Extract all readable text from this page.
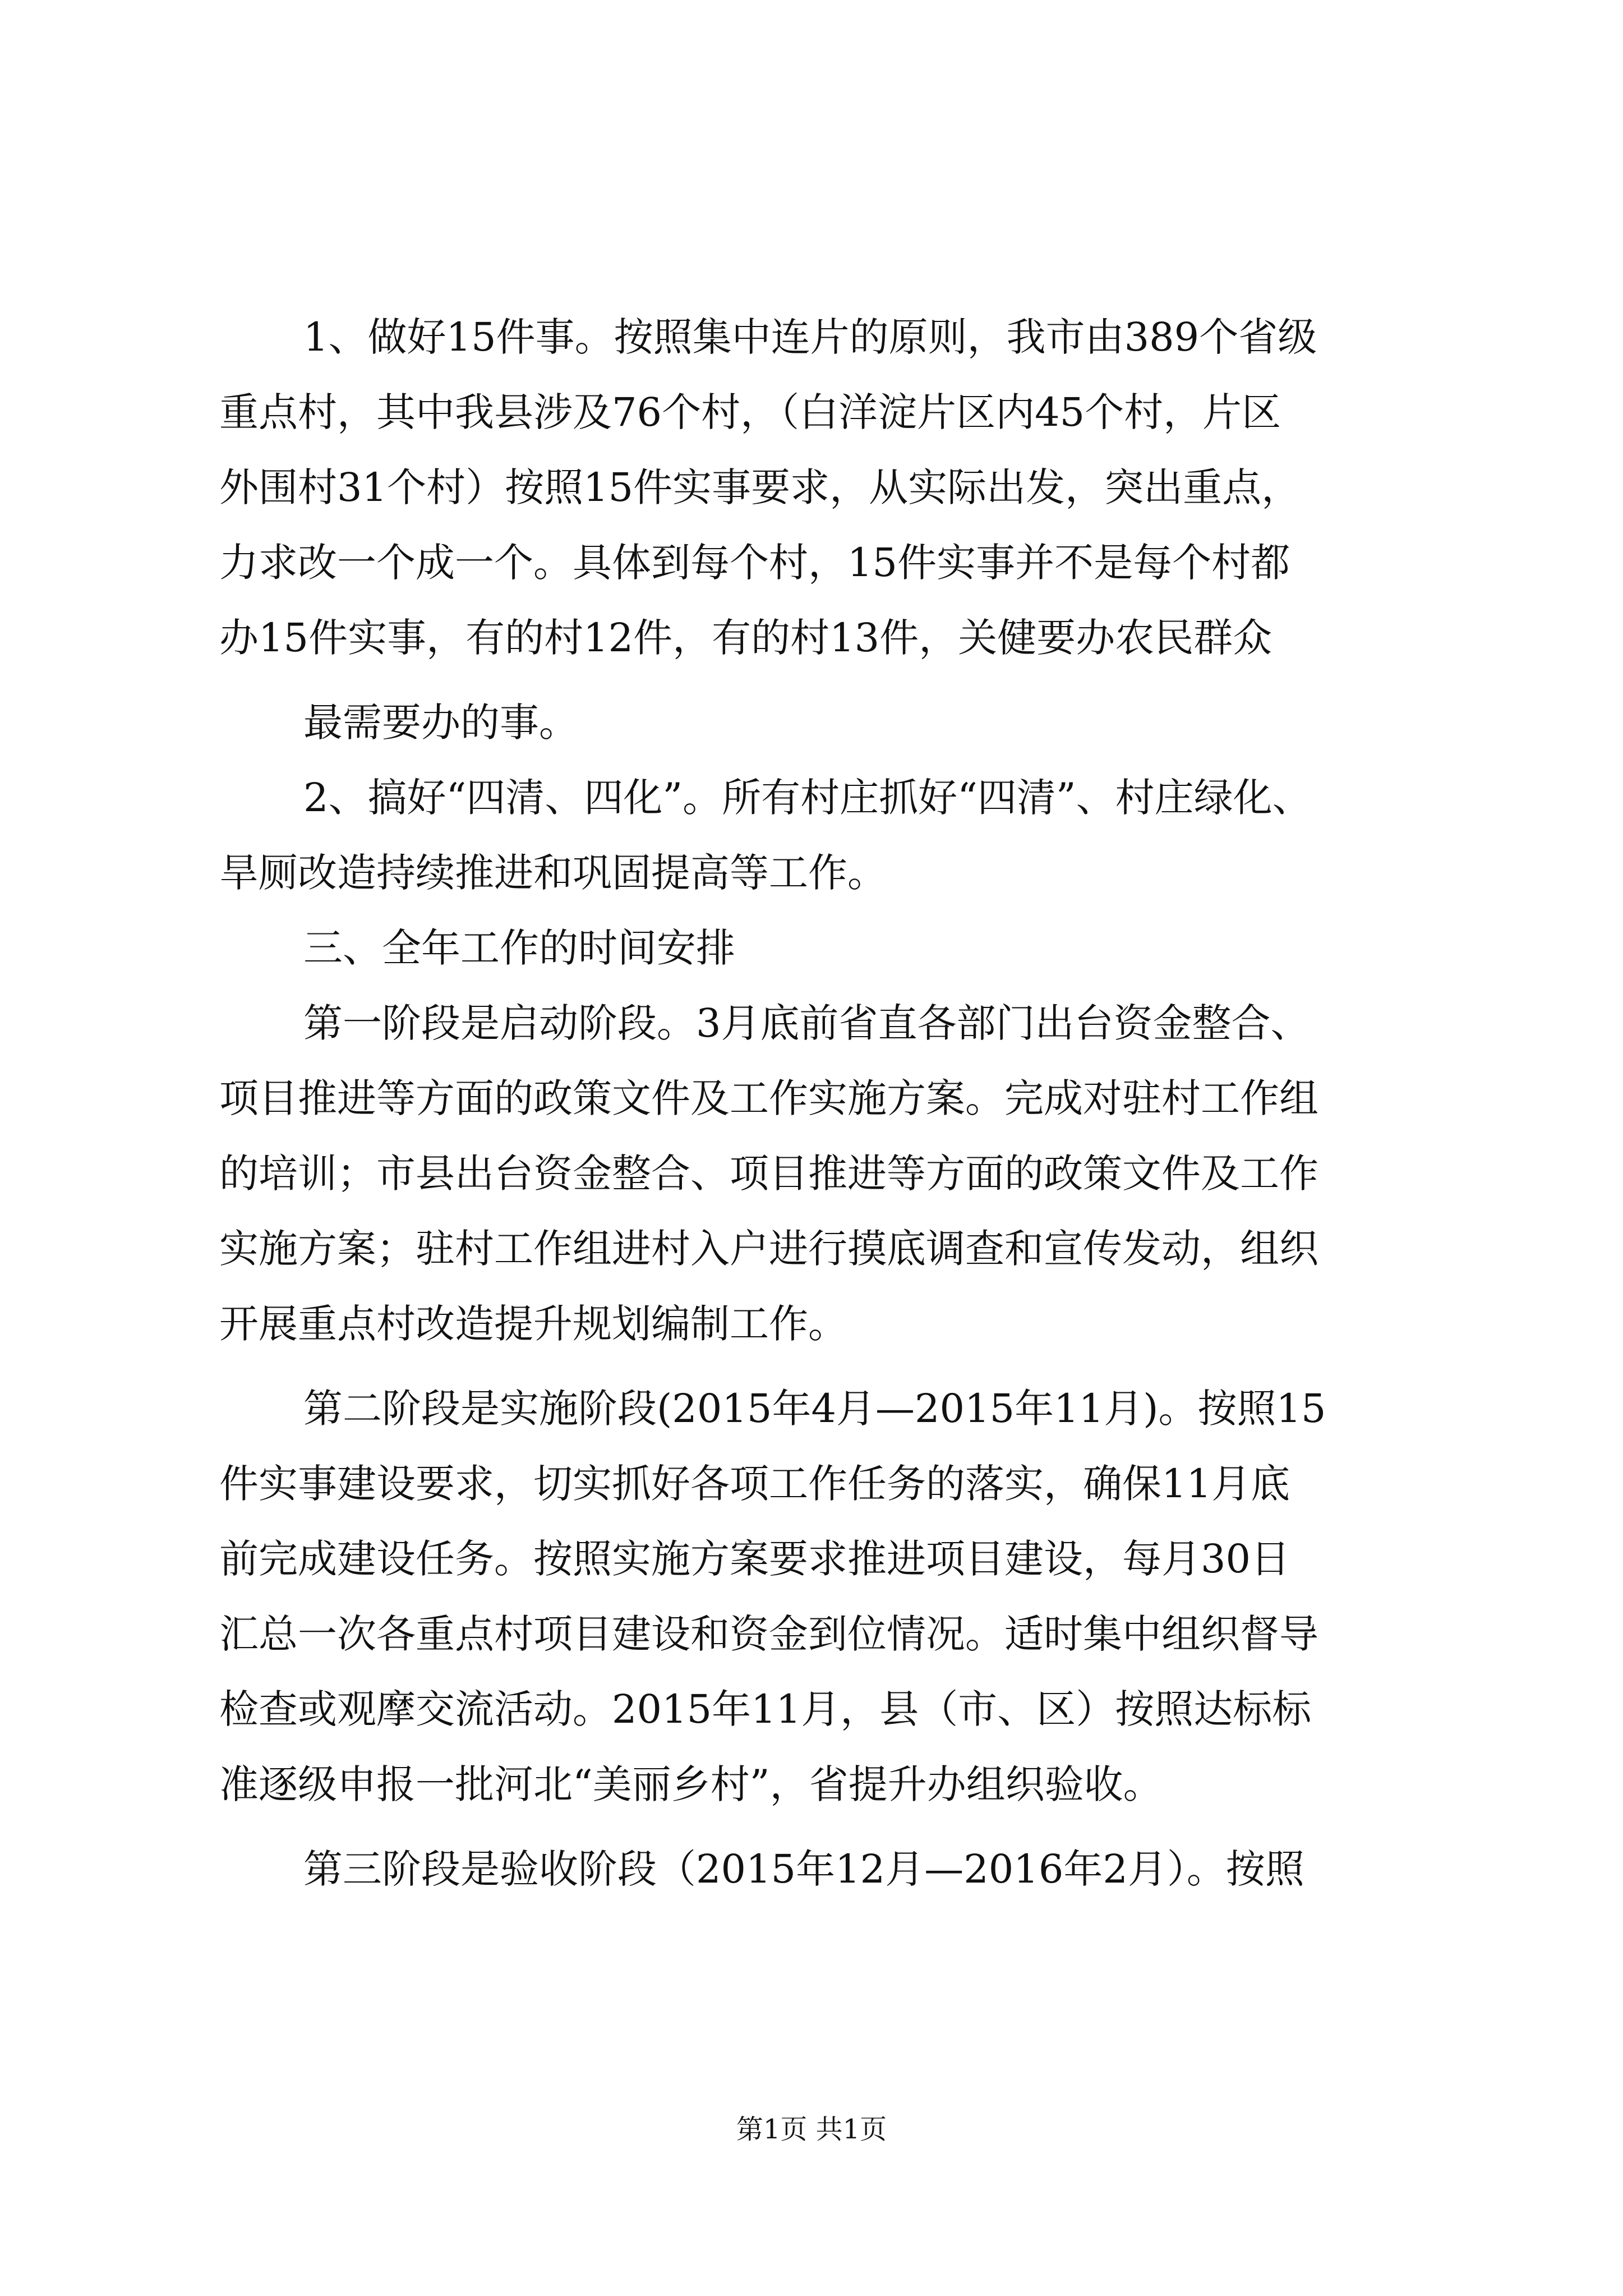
1、做好15件事。按照集中连片的原则，我市由389个省级
重点村，其中我县涉及76个村，（白洋淀片区内45个村，片区
外围村31个村）按照15件实事要求，从实际出发，突出重点，
力求改一个成一个。具体到每个村，15件实事并不是每个村都
办15件实事，有的村12件，有的村13件，关健要办农民群众
最需要办的事。
2、搞好“四清、四化”。所有村庄抓好“四清”、村庄绿化、
旱厕改造持续推进和巩固提高等工作。
三、全年工作的时间安排
第一阶段是启动阶段。3月底前省直各部门出台资金整合、
项目推进等方面的政策文件及工作实施方案。完成对驻村工作组
的培训；市县出台资金整合、项目推进等方面的政策文件及工作
实施方案；驻村工作组进村入户进行摸底调查和宣传发动，组织
开展重点村改造提升规划编制工作。
第二阶段是实施阶段(2015年4月—2015年11月)。按照15
件实事建设要求，切实抓好各项工作任务的落实，确保11月底
前完成建设任务。按照实施方案要求推进项目建设，每月30日
汇总一次各重点村项目建设和资金到位情况。适时集中组织督导
检查或观摩交流活动。2015年11月，县（市、区）按照达标标
准逐级申报一批河北“美丽乡村”，省提升办组织验收。
第三阶段是验收阶段（2015年12月—2016年2月）。按照
第1页 共1页
